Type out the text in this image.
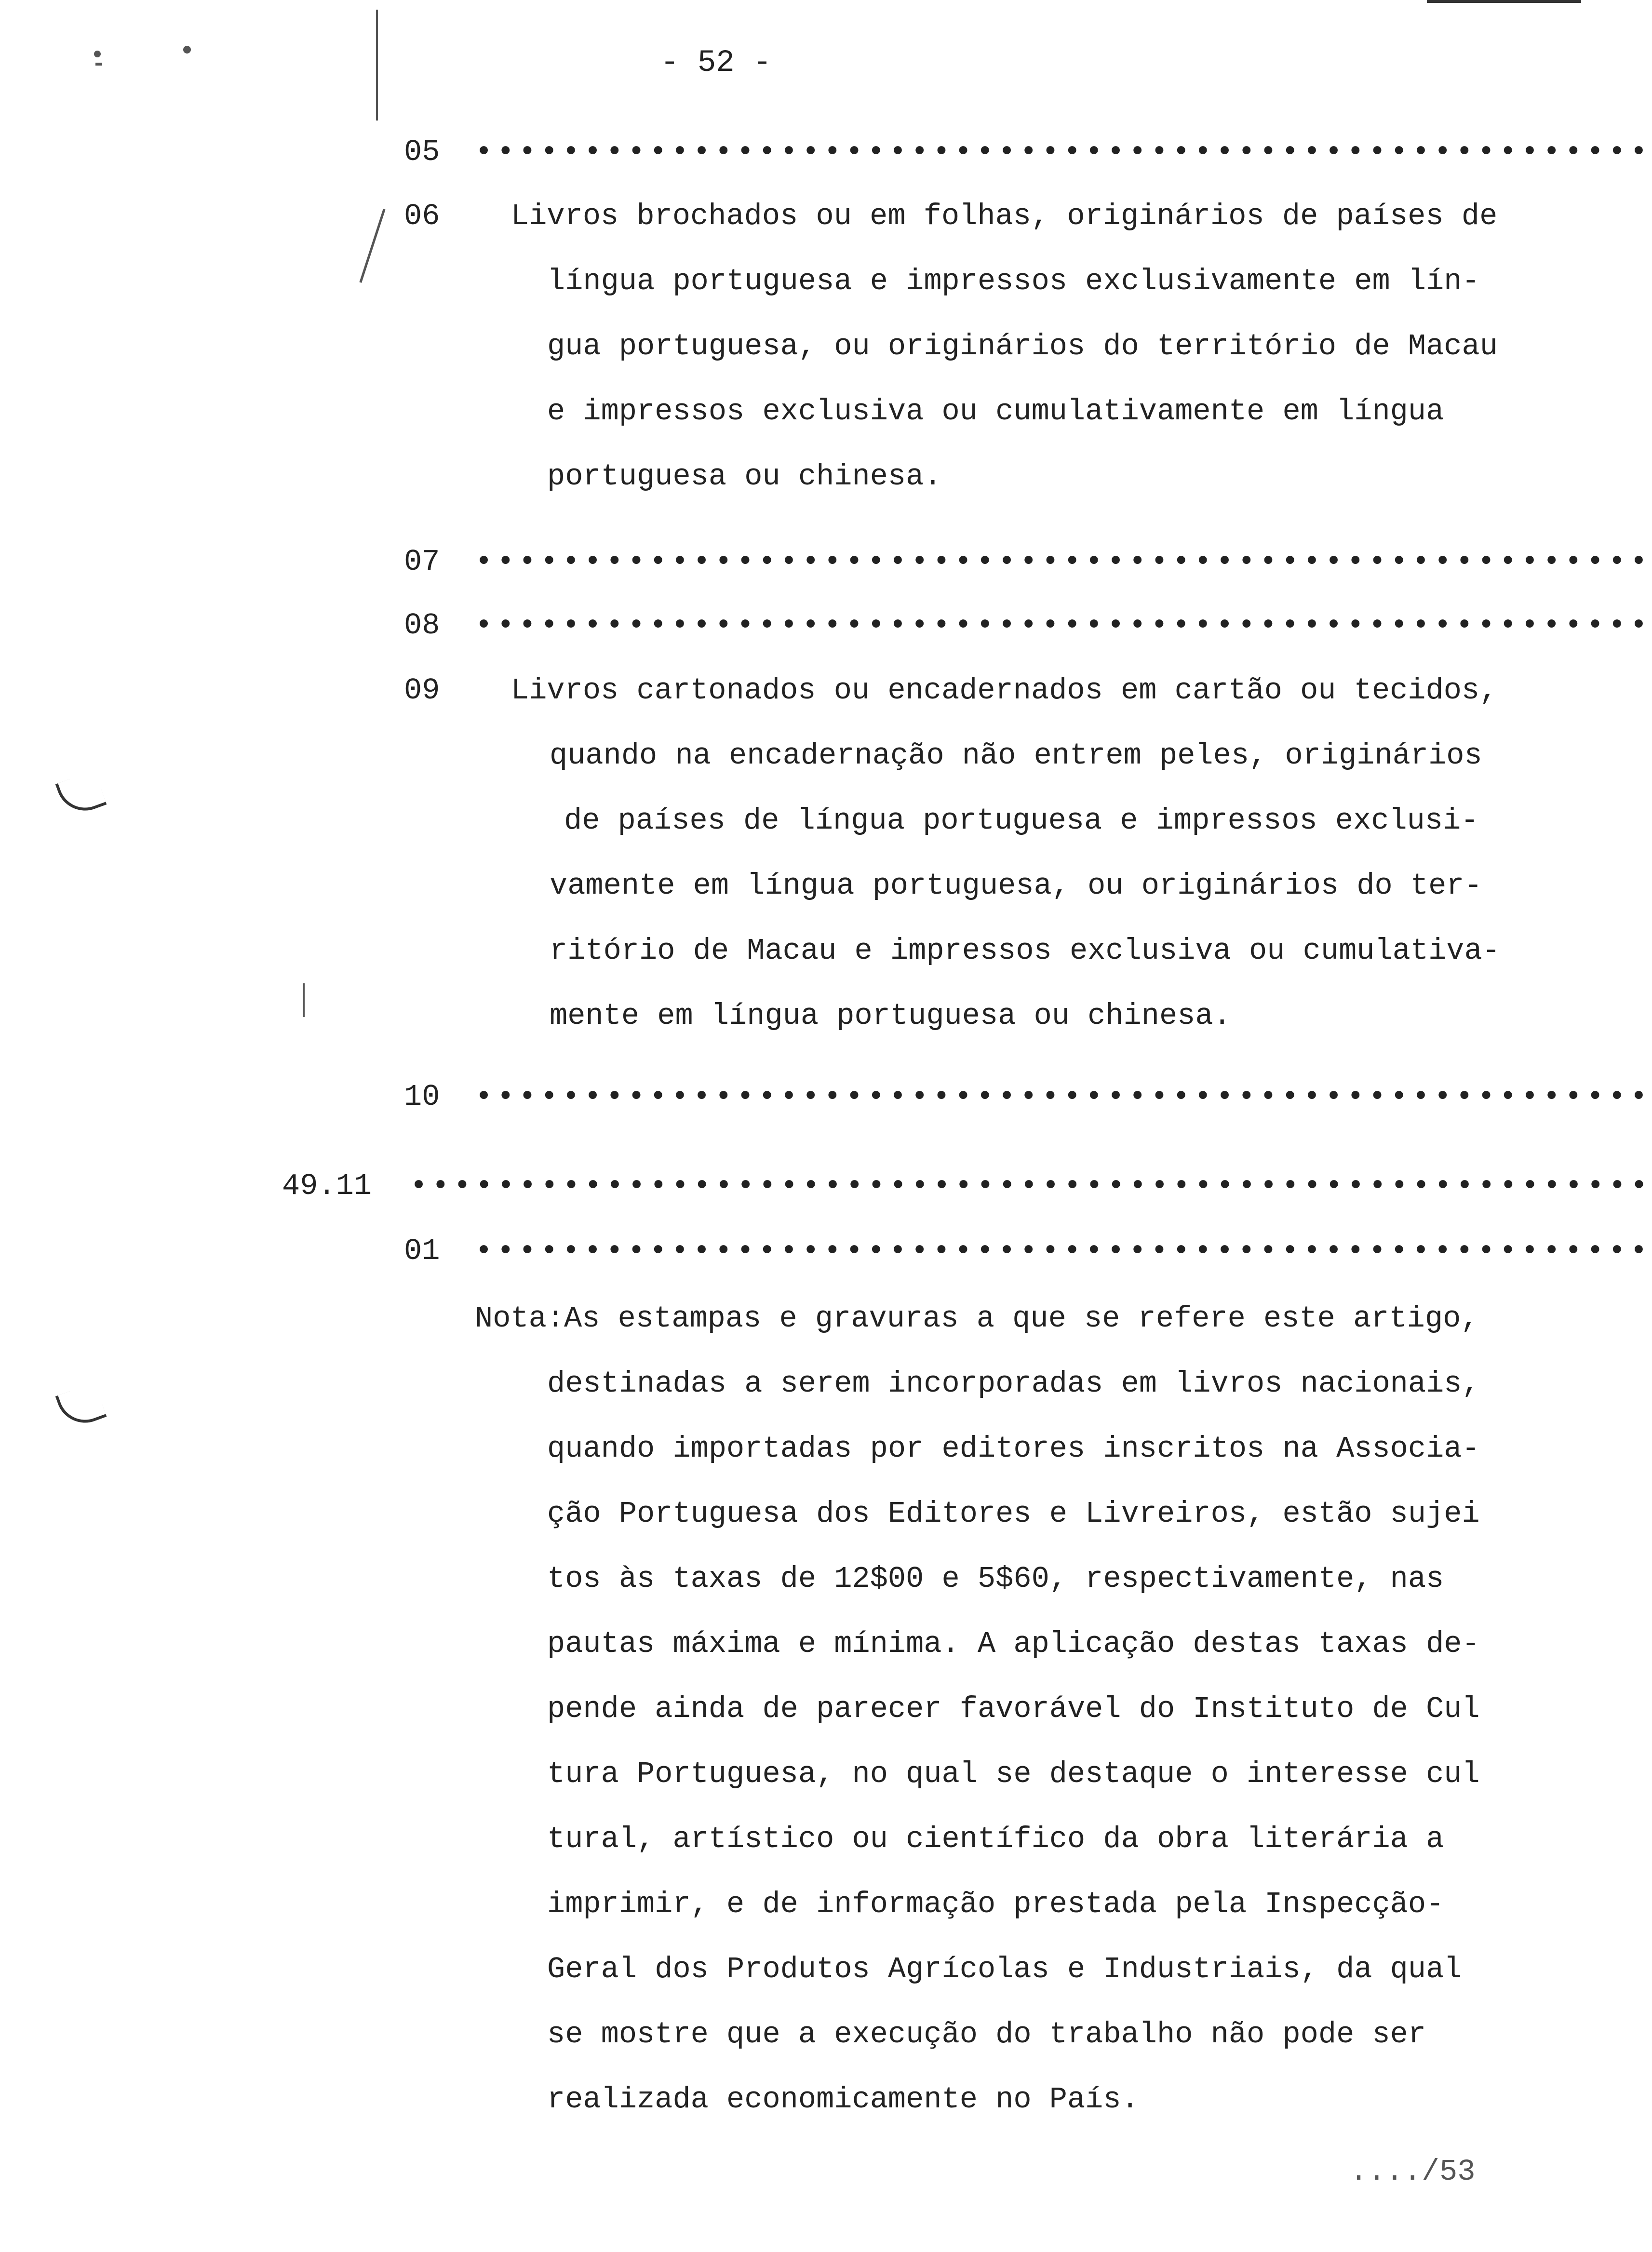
- 52 -
05 ••••••••••••••••••••••••••••••••••••••••••••••••••••••
06 Livros brochados ou em folhas, originários de países de
língua portuguesa e impressos exclusivamente em lín-
gua portuguesa, ou originários do território de Macau
e impressos exclusiva ou cumulativamente em língua
portuguesa ou chinesa.
07 ••••••••••••••••••••••••••••••••••••••••••••••••••••••
08 ••••••••••••••••••••••••••••••••••••••••••••••••••••••
09 Livros cartonados ou encadernados em cartão ou tecidos,
quando na encadernação não entrem peles, originários
de países de língua portuguesa e impressos exclusi-
vamente em língua portuguesa, ou originários do ter-
ritório de Macau e impressos exclusiva ou cumulativa-
mente em língua portuguesa ou chinesa.
10 ••••••••••••••••••••••••••••••••••••••••••••••••••••••
49.11 •••••••••••••••••••••••••••••••••••••••••••••••••••••••••
01 ••••••••••••••••••••••••••••••••••••••••••••••••••••••
Nota:
As estampas e gravuras a que se refere este artigo,
destinadas a serem incorporadas em livros nacionais,
quando importadas por editores inscritos na Associa-
ção Portuguesa dos Editores e Livreiros, estão sujei
tos às taxas de 12$00 e 5$60, respectivamente, nas
pautas máxima e mínima. A aplicação destas taxas de-
pende ainda de parecer favorável do Instituto de Cul
tura Portuguesa, no qual se destaque o interesse cul
tural, artístico ou científico da obra literária a
imprimir, e de informação prestada pela Inspecção-
Geral dos Produtos Agrícolas e Industriais, da qual
se mostre que a execução do trabalho não pode ser
realizada economicamente no País.
..../53
